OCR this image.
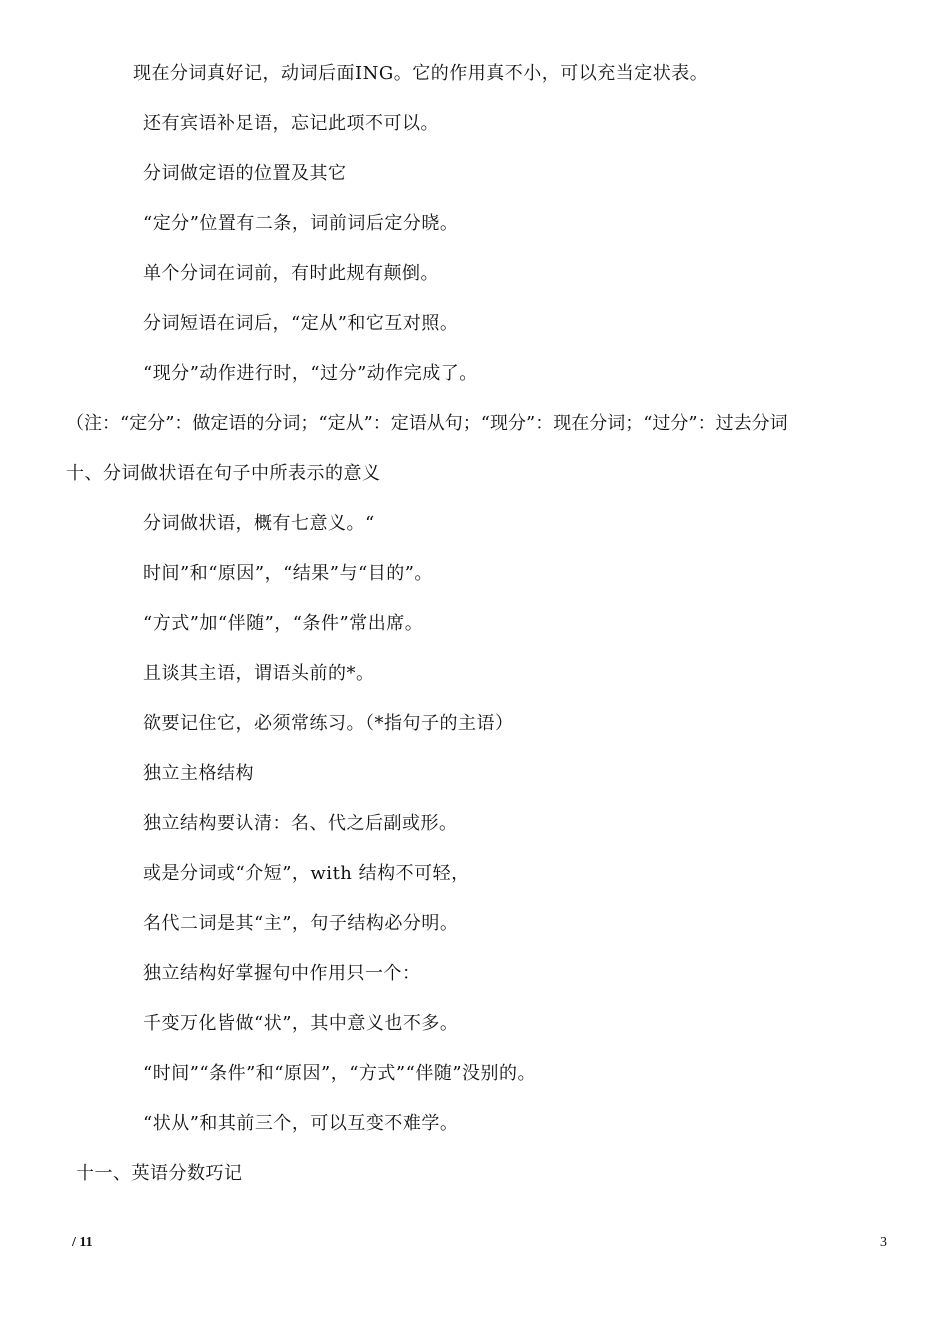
现在分词真好记，动词后面ING。它的作用真不小，可以充当定状表。
还有宾语补足语，忘记此项不可以。
分词做定语的位置及其它
“定分”位置有二条，词前词后定分晓。
单个分词在词前，有时此规有颠倒。
分词短语在词后，“定从”和它互对照。
“现分”动作进行时，“过分”动作完成了。
（注：“定分”：做定语的分词；“定从”：定语从句；“现分”：现在分词；“过分”：过去分词
十、分词做状语在句子中所表示的意义
分词做状语，概有七意义。“
时间”和“原因”，“结果”与“目的”。
“方式”加“伴随”，“条件”常出席。
且谈其主语，谓语头前的*。
欲要记住它，必须常练习。（*指句子的主语）
独立主格结构
独立结构要认清：名、代之后副或形。
或是分词或“介短”，with 结构不可轻，
名代二词是其“主”，句子结构必分明。
独立结构好掌握句中作用只一个：
千变万化皆做“状”，其中意义也不多。
“时间”“条件”和“原因”，“方式”“伴随”没别的。
“状从”和其前三个，可以互变不难学。
十一、英语分数巧记
/ 11	3
